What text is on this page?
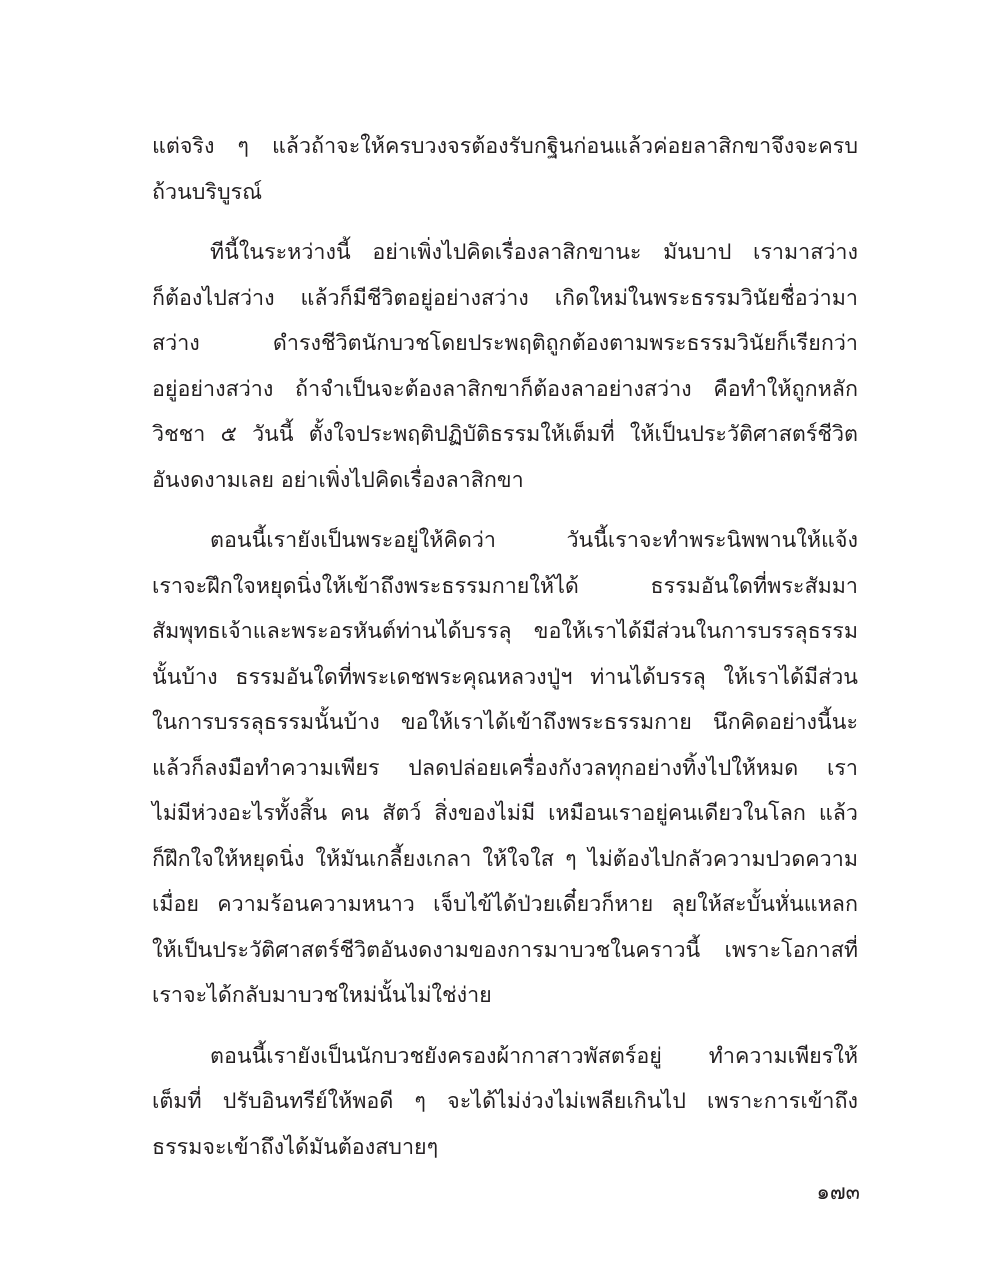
แต่จริง ๆ แล้วถ้าจะให้ครบวงจรต้องรับกฐินก่อนแล้วค่อยลาสิกขาจึงจะครบ
ถ้วนบริบูรณ์
ทีนี้ในระหว่างนี้ อย่าเพิ่งไปคิดเรื่องลาสิกขานะ มันบาป เรามาสว่าง
ก็ต้องไปสว่าง แล้วก็มีชีวิตอยู่อย่างสว่าง เกิดใหม่ในพระธรรมวินัยชื่อว่ามา
สว่าง ดำรงชีวิตนักบวชโดยประพฤติถูกต้องตามพระธรรมวินัยก็เรียกว่า
อยู่อย่างสว่าง ถ้าจำเป็นจะต้องลาสิกขาก็ต้องลาอย่างสว่าง คือทำให้ถูกหลัก
วิชชา ๕ วันนี้ ตั้งใจประพฤติปฏิบัติธรรมให้เต็มที่ ให้เป็นประวัติศาสตร์ชีวิต
อันงดงามเลย อย่าเพิ่งไปคิดเรื่องลาสิกขา
ตอนนี้เรายังเป็นพระอยู่ให้คิดว่า วันนี้เราจะทำพระนิพพานให้แจ้ง
เราจะฝึกใจหยุดนิ่งให้เข้าถึงพระธรรมกายให้ได้ ธรรมอันใดที่พระสัมมา
สัมพุทธเจ้าและพระอรหันต์ท่านได้บรรลุ ขอให้เราได้มีส่วนในการบรรลุธรรม
นั้นบ้าง ธรรมอันใดที่พระเดชพระคุณหลวงปู่ฯ ท่านได้บรรลุ ให้เราได้มีส่วน
ในการบรรลุธรรมนั้นบ้าง ขอให้เราได้เข้าถึงพระธรรมกาย นึกคิดอย่างนี้นะ
แล้วก็ลงมือทำความเพียร ปลดปล่อยเครื่องกังวลทุกอย่างทิ้งไปให้หมด เรา
ไม่มีห่วงอะไรทั้งสิ้น คน สัตว์ สิ่งของไม่มี เหมือนเราอยู่คนเดียวในโลก แล้ว
ก็ฝึกใจให้หยุดนิ่ง ให้มันเกลี้ยงเกลา ให้ใจใส ๆ ไม่ต้องไปกลัวความปวดความ
เมื่อย ความร้อนความหนาว เจ็บไข้ได้ป่วยเดี๋ยวก็หาย ลุยให้สะบั้นหั่นแหลก
ให้เป็นประวัติศาสตร์ชีวิตอันงดงามของการมาบวชในคราวนี้ เพราะโอกาสที่
เราจะได้กลับมาบวชใหม่นั้นไม่ใช่ง่าย
ตอนนี้เรายังเป็นนักบวชยังครองผ้ากาสาวพัสตร์อยู่ ทำความเพียรให้
เต็มที่ ปรับอินทรีย์ให้พอดี ๆ จะได้ไม่ง่วงไม่เพลียเกินไป เพราะการเข้าถึง
ธรรมจะเข้าถึงได้มันต้องสบายๆ
๑๗๓
